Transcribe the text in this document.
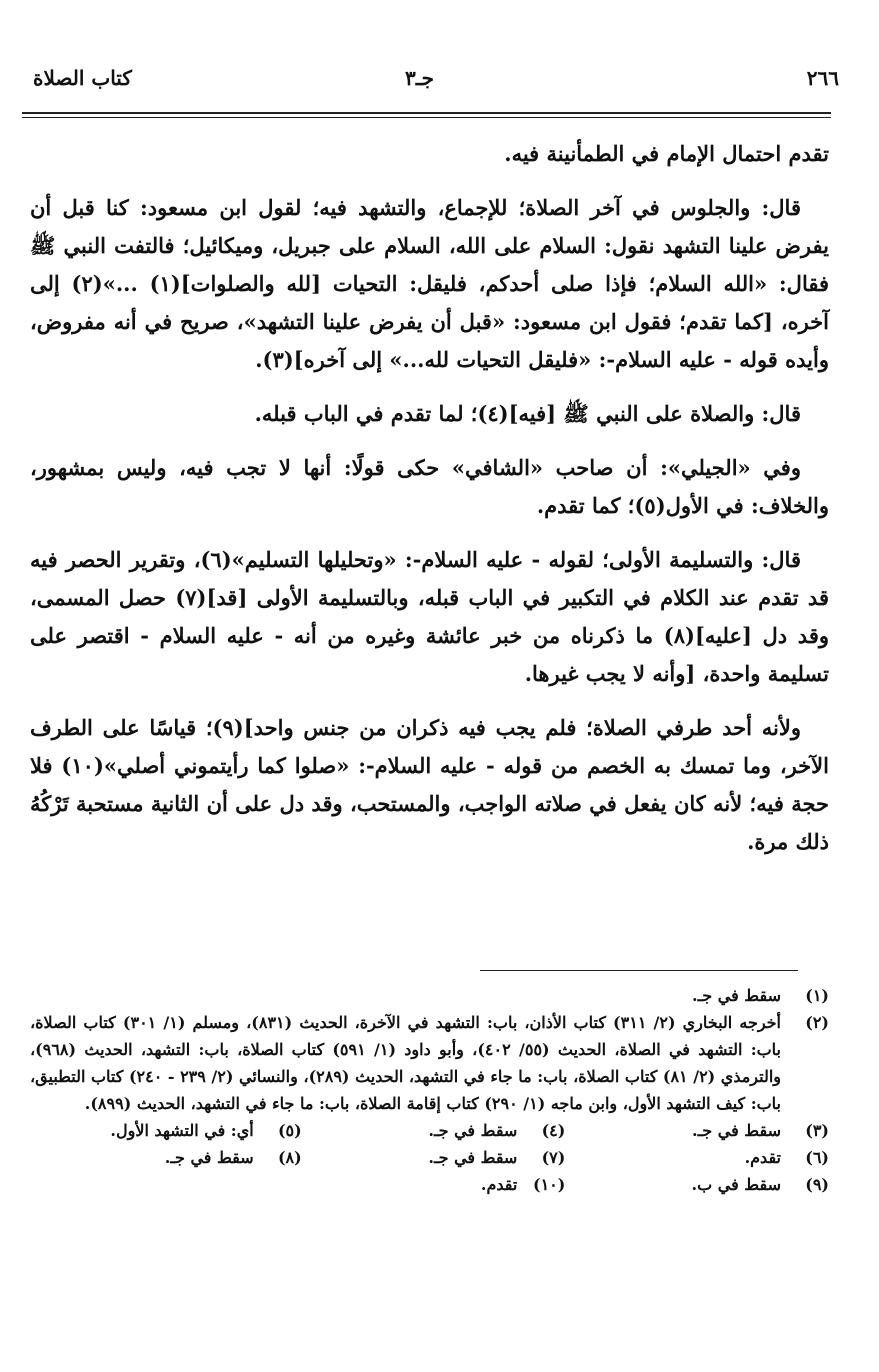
٢٦٦
جـ٣
كتاب الصلاة

تقدم احتمال الإمام في الطمأنينة فيه.

قال: والجلوس في آخر الصلاة؛ للإجماع، والتشهد فيه؛ لقول ابن مسعود: كنا قبل أن يفرض علينا التشهد نقول: السلام على الله، السلام على جبريل، وميكائيل؛ فالتفت النبي ﷺ فقال: «الله السلام؛ فإذا صلى أحدكم، فليقل: التحيات [لله والصلوات](١) ...»(٢) إلى آخره، [كما تقدم؛ فقول ابن مسعود: «قبل أن يفرض علينا التشهد»، صريح في أنه مفروض، وأيده قوله - عليه السلام-: «فليقل التحيات لله...» إلى آخره](٣).

قال: والصلاة على النبي ﷺ [فيه](٤)؛ لما تقدم في الباب قبله.

وفي «الجيلي»: أن صاحب «الشافي» حكى قولًا: أنها لا تجب فيه، وليس بمشهور، والخلاف: في الأول(٥)؛ كما تقدم.

قال: والتسليمة الأولى؛ لقوله - عليه السلام-: «وتحليلها التسليم»(٦)، وتقرير الحصر فيه قد تقدم عند الكلام في التكبير في الباب قبله، وبالتسليمة الأولى [قد](٧) حصل المسمى، وقد دل [عليه](٨) ما ذكرناه من خبر عائشة وغيره من أنه - عليه السلام - اقتصر على تسليمة واحدة، [وأنه لا يجب غيرها.

ولأنه أحد طرفي الصلاة؛ فلم يجب فيه ذكران من جنس واحد](٩)؛ قياسًا على الطرف الآخر، وما تمسك به الخصم من قوله - عليه السلام-: «صلوا كما رأيتموني أصلي»(١٠) فلا حجة فيه؛ لأنه كان يفعل في صلاته الواجب، والمستحب، وقد دل على أن الثانية مستحبة تَرْكُهُ ذلك مرة.

(١)
سقط في جـ.
(٢)
أخرجه البخاري (٢/ ٣١١) كتاب الأذان، باب: التشهد في الآخرة، الحديث (٨٣١)، ومسلم (١/ ٣٠١) كتاب الصلاة، باب: التشهد في الصلاة، الحديث (٥٥/ ٤٠٢)، وأبو داود (١/ ٥٩١) كتاب الصلاة، باب: التشهد، الحديث (٩٦٨)، والترمذي (٢/ ٨١) كتاب الصلاة، باب: ما جاء في التشهد، الحديث (٢٨٩)، والنسائي (٢/ ٢٣٩ - ٢٤٠) كتاب التطبيق، باب: كيف التشهد الأول، وابن ماجه (١/ ٢٩٠) كتاب إقامة الصلاة، باب: ما جاء في التشهد، الحديث (٨٩٩).
(٣)
سقط في جـ.
(٤)
سقط في جـ.
(٥)
أي: في التشهد الأول.
(٦)
تقدم.
(٧)
سقط في جـ.
(٨)
سقط في جـ.
(٩)
سقط في ب.
(١٠)
تقدم.
